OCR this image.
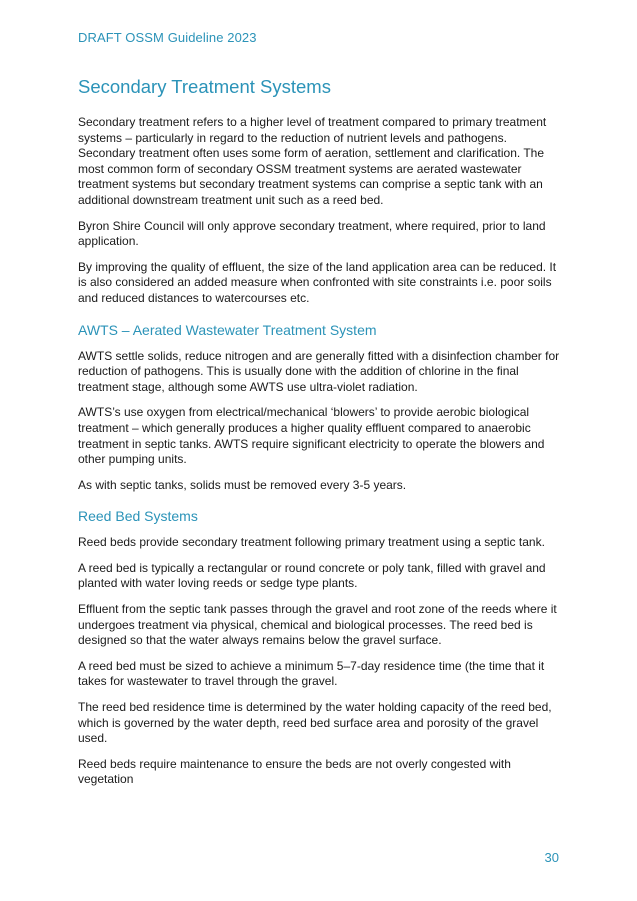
DRAFT OSSM Guideline 2023
Secondary Treatment Systems

Secondary treatment refers to a higher level of treatment compared to primary treatment systems – particularly in regard to the reduction of nutrient levels and pathogens. Secondary treatment often uses some form of aeration, settlement and clarification. The most common form of secondary OSSM treatment systems are aerated wastewater treatment systems but secondary treatment systems can comprise a septic tank with an additional downstream treatment unit such as a reed bed.

Byron Shire Council will only approve secondary treatment, where required, prior to land application.

By improving the quality of effluent, the size of the land application area can be reduced. It is also considered an added measure when confronted with site constraints i.e. poor soils and reduced distances to watercourses etc.

AWTS – Aerated Wastewater Treatment System

AWTS settle solids, reduce nitrogen and are generally fitted with a disinfection chamber for reduction of pathogens. This is usually done with the addition of chlorine in the final treatment stage, although some AWTS use ultra-violet radiation.

AWTS’s use oxygen from electrical/mechanical ‘blowers’ to provide aerobic biological treatment – which generally produces a higher quality effluent compared to anaerobic treatment in septic tanks. AWTS require significant electricity to operate the blowers and other pumping units.

As with septic tanks, solids must be removed every 3-5 years.

Reed Bed Systems

Reed beds provide secondary treatment following primary treatment using a septic tank.

A reed bed is typically a rectangular or round concrete or poly tank, filled with gravel and planted with water loving reeds or sedge type plants.

Effluent from the septic tank passes through the gravel and root zone of the reeds where it undergoes treatment via physical, chemical and biological processes. The reed bed is designed so that the water always remains below the gravel surface.

A reed bed must be sized to achieve a minimum 5–7-day residence time (the time that it takes for wastewater to travel through the gravel.

The reed bed residence time is determined by the water holding capacity of the reed bed, which is governed by the water depth, reed bed surface area and porosity of the gravel used.

Reed beds require maintenance to ensure the beds are not overly congested with vegetation

30
